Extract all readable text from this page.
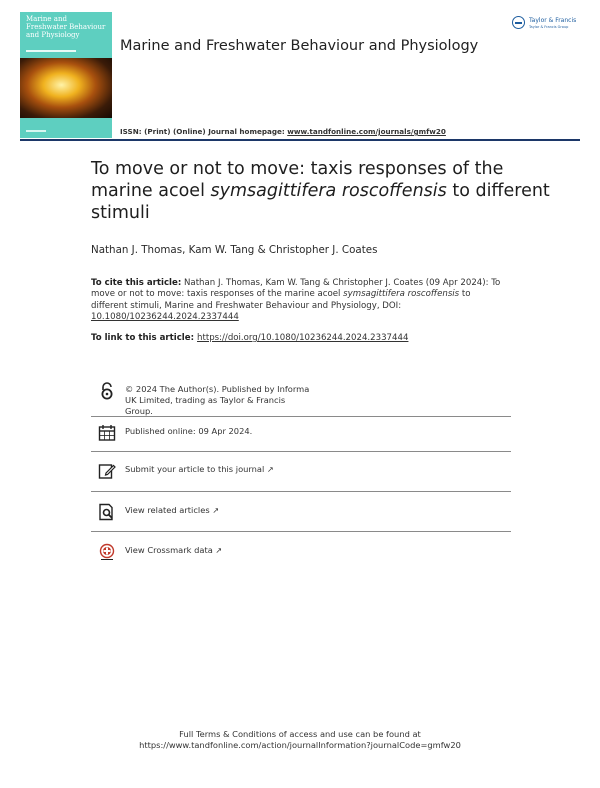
Marine and Freshwater Behaviour and Physiology
Taylor & Francis
Taylor & Francis Group
Marine and Freshwater Behaviour and Physiology
ISSN: (Print) (Online) Journal homepage: www.tandfonline.com/journals/gmfw20
To move or not to move: taxis responses of the marine acoel symsagittifera roscoffensis to different stimuli
Nathan J. Thomas, Kam W. Tang & Christopher J. Coates
To cite this article: Nathan J. Thomas, Kam W. Tang & Christopher J. Coates (09 Apr 2024): To move or not to move: taxis responses of the marine acoel symsagittifera roscoffensis to different stimuli, Marine and Freshwater Behaviour and Physiology, DOI: 10.1080/10236244.2024.2337444
To link to this article: https://doi.org/10.1080/10236244.2024.2337444
© 2024 The Author(s). Published by Informa UK Limited, trading as Taylor & Francis Group.
Published online: 09 Apr 2024.
Submit your article to this journal ↗
View related articles ↗
View Crossmark data ↗
Full Terms & Conditions of access and use can be found at
https://www.tandfonline.com/action/journalInformation?journalCode=gmfw20
